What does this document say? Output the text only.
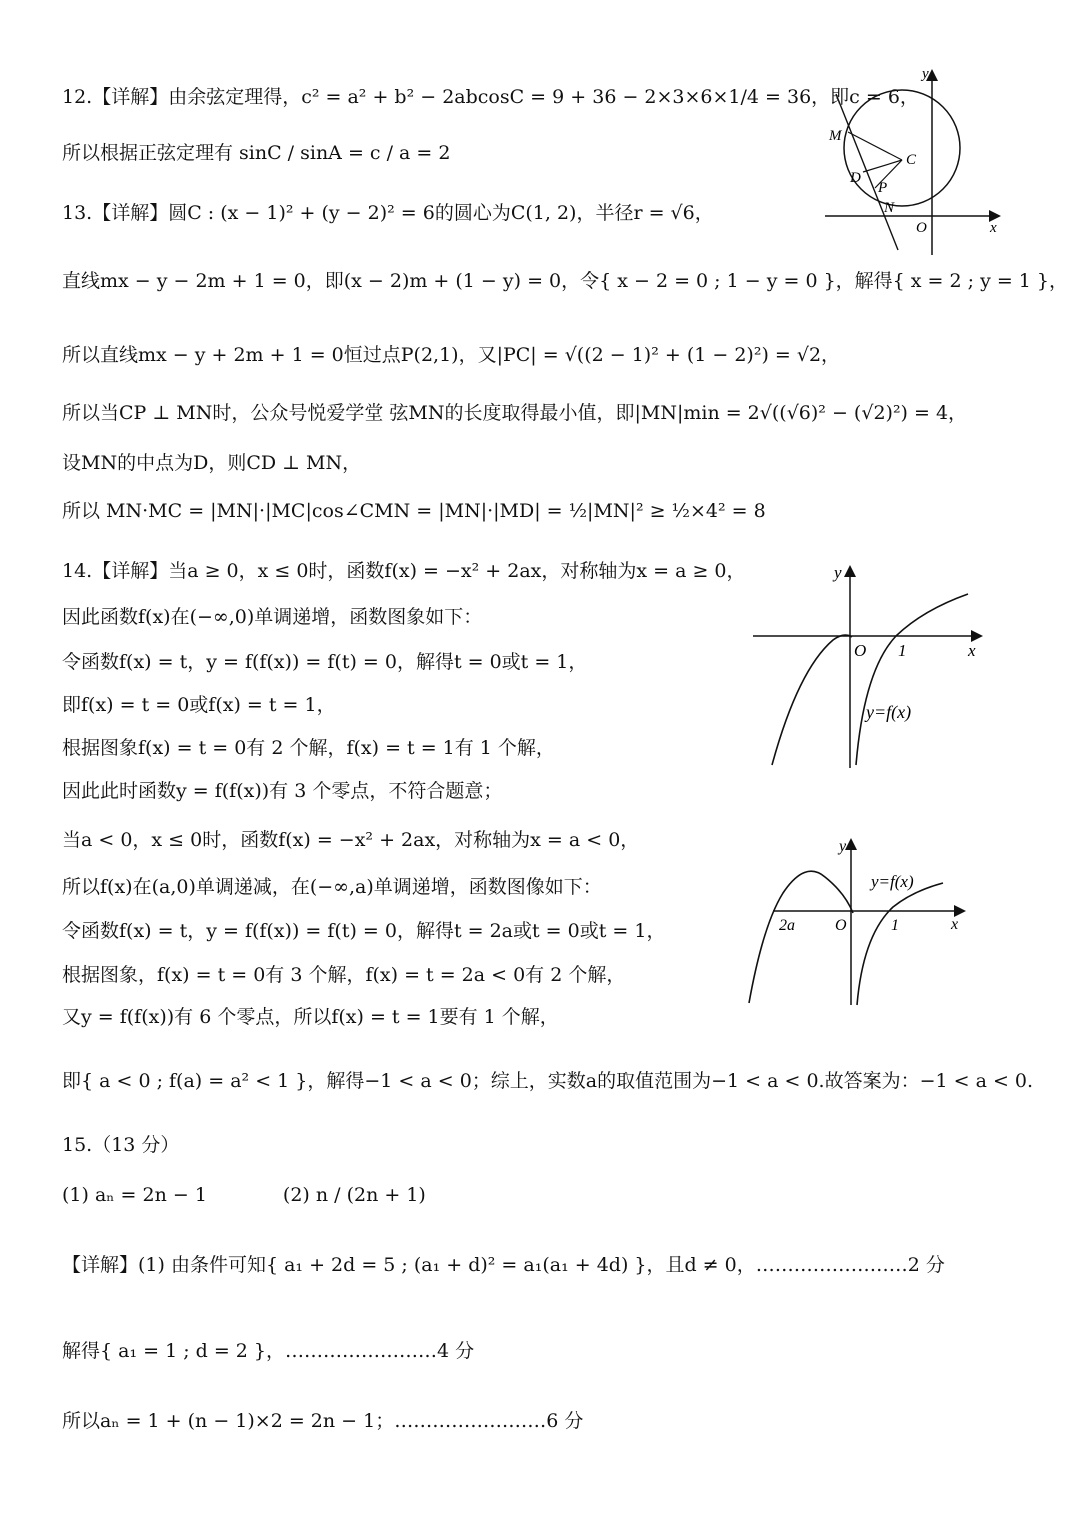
12.【详解】由余弦定理得，c² = a² + b² − 2abcosC = 9 + 36 − 2×3×6×1/4 = 36，即c = 6，
所以根据正弦定理有 sinC / sinA = c / a = 2
13.【详解】圆C : (x − 1)² + (y − 2)² = 6的圆心为C(1, 2)，半径r = √6，
直线mx − y − 2m + 1 = 0，即(x − 2)m + (1 − y) = 0，令{ x − 2 = 0 ; 1 − y = 0 }，解得{ x = 2 ; y = 1 }，
所以直线mx − y + 2m + 1 = 0恒过点P(2,1)，又|PC| = √((2 − 1)² + (1 − 2)²) = √2，
所以当CP ⊥ MN时，公众号悦爱学堂 弦MN的长度取得最小值，即|MN|min = 2√((√6)² − (√2)²) = 4，
设MN的中点为D，则CD ⊥ MN，
所以 MN·MC = |MN|·|MC|cos∠CMN = |MN|·|MD| = ½|MN|² ≥ ½×4² = 8
14.【详解】当a ≥ 0，x ≤ 0时，函数f(x) = −x² + 2ax，对称轴为x = a ≥ 0，
因此函数f(x)在(−∞,0)单调递增，函数图象如下：
令函数f(x) = t，y = f(f(x)) = f(t) = 0，解得t = 0或t = 1，
即f(x) = t = 0或f(x) = t = 1，
根据图象f(x) = t = 0有 2 个解，f(x) = t = 1有 1 个解，
因此此时函数y = f(f(x))有 3 个零点，不符合题意；
当a < 0，x ≤ 0时，函数f(x) = −x² + 2ax，对称轴为x = a < 0，
所以f(x)在(a,0)单调递减，在(−∞,a)单调递增，函数图像如下：
令函数f(x) = t，y = f(f(x)) = f(t) = 0，解得t = 2a或t = 0或t = 1，
根据图象，f(x) = t = 0有 3 个解，f(x) = t = 2a < 0有 2 个解，
又y = f(f(x))有 6 个零点，所以f(x) = t = 1要有 1 个解，
即{ a < 0 ; f(a) = a² < 1 }，解得−1 < a < 0；综上，实数a的取值范围为−1 < a < 0.故答案为：−1 < a < 0.
15.（13 分）
(1) aₙ = 2n − 1　　　　(2) n / (2n + 1)
【详解】(1) 由条件可知{ a₁ + 2d = 5 ; (a₁ + d)² = a₁(a₁ + 4d) }，且d ≠ 0，……………………2 分
解得{ a₁ = 1 ; d = 2 }，……………………4 分
所以aₙ = 1 + (n − 1)×2 = 2n − 1；……………………6 分
y
x
M
C
D
P
N
O
y
x
O 1
y=f(x)
y
x
O	1
2a
y=f(x)
